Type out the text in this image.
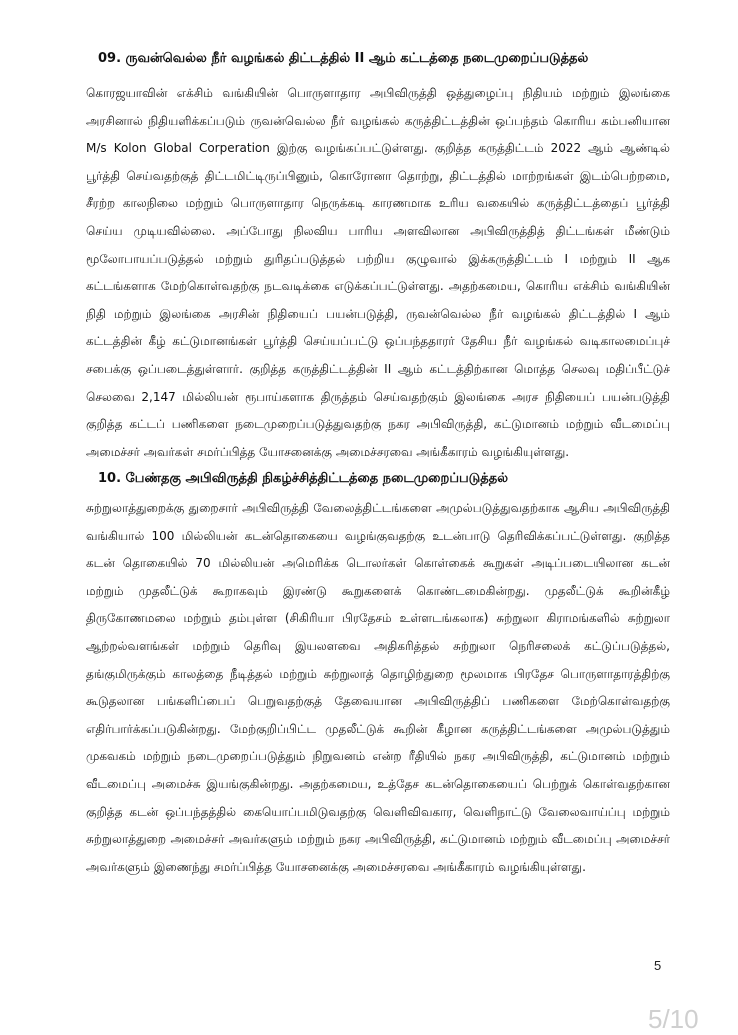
09. ருவன்வெல்ல நீர் வழங்கல் திட்டத்தில் II ஆம் கட்டத்தை நடைமுறைப்படுத்தல்
கொரஜயாவின் எக்சிம் வங்கியின் பொருளாதார அபிவிருத்தி ஒத்துழைப்பு நிதியம் மற்றும் இலங்கை அரசினால் நிதியளிக்கப்படும் ருவன்வெல்ல நீர் வழங்கல் கருத்திட்டத்தின் ஒப்பந்தம் கொரிய கம்பனியான M/s Kolon Global Corperation இற்கு வழங்கப்பட்டுள்ளது. குறித்த கருத்திட்டம் 2022 ஆம் ஆண்டில் பூர்த்தி செய்வதற்குத் திட்டமிட்டிருப்பினும், கொரோனா தொற்று, திட்டத்தில் மாற்றங்கள் இடம்பெற்றமை, சீரற்ற காலநிலை மற்றும் பொருளாதார நெருக்கடி காரணமாக உரிய வகையில் கருத்திட்டத்தைப் பூர்த்தி செய்ய முடியவில்லை. அப்போது நிலவிய பாரிய அளவிலான அபிவிருத்தித் திட்டங்கள் மீண்டும் மூலோபாயப்படுத்தல் மற்றும் துரிதப்படுத்தல் பற்றிய குழுவால் இக்கருத்திட்டம் I மற்றும் II ஆக கட்டங்களாக மேற்கொள்வதற்கு நடவடிக்கை எடுக்கப்பட்டுள்ளது. அதற்கமைய, கொரிய எக்சிம் வங்கியின் நிதி மற்றும் இலங்கை அரசின் நிதியைப் பயன்படுத்தி, ருவன்வெல்ல நீர் வழங்கல் திட்டத்தில் I ஆம் கட்டத்தின் கீழ் கட்டுமானங்கள் பூர்த்தி செய்யப்பட்டு ஒப்பந்ததாரர் தேசிய நீர் வழங்கல் வடிகாலமைப்புச் சபைக்கு ஒப்படைத்துள்ளார். குறித்த கருத்திட்டத்தின் II ஆம் கட்டத்திற்கான மொத்த செலவு மதிப்பீட்டுச் செலவை 2,147 மில்லியன் ரூபாய்களாக திருத்தம் செய்வதற்கும் இலங்கை அரச நிதியைப் பயன்படுத்தி குறித்த கட்டப் பணிகளை நடைமுறைப்படுத்துவதற்கு நகர அபிவிருத்தி, கட்டுமானம் மற்றும் வீடமைப்பு அமைச்சர் அவர்கள் சமர்ப்பித்த யோசனைக்கு அமைச்சரவை அங்கீகாரம் வழங்கியுள்ளது.
10. பேண்தகு அபிவிருத்தி நிகழ்ச்சித்திட்டத்தை நடைமுறைப்படுத்தல்
சுற்றுலாத்துறைக்கு துறைசார் அபிவிருத்தி வேலைத்திட்டங்களை அமுல்படுத்துவதற்காக ஆசிய அபிவிருத்தி வங்கியால் 100 மில்லியன் கடன்தொகையை வழங்குவதற்கு உடன்பாடு தெரிவிக்கப்பட்டுள்ளது. குறித்த கடன் தொகையில் 70 மில்லியன் அமெரிக்க டொலர்கள் கொள்கைக் கூறுகள் அடிப்படையிலான கடன் மற்றும் முதலீட்டுக் கூறாகவும் இரண்டு கூறுகளைக் கொண்டமைகின்றது. முதலீட்டுக் கூறின்கீழ் திருகோணமலை மற்றும் தம்புள்ள (சிகிரியா பிரதேசம் உள்ளடங்கலாக) சுற்றுலா கிராமங்களில் சுற்றுலா ஆற்றல்வளங்கள் மற்றும் தெரிவு இயலளவை அதிகரித்தல் சுற்றுலா நெரிசலைக் கட்டுப்படுத்தல், தங்குமிருக்கும் காலத்தை நீடித்தல் மற்றும் சுற்றுலாத் தொழிற்துறை மூலமாக பிரதேச பொருளாதாரத்திற்கு கூடுதலான பங்களிப்பைப் பெறுவதற்குத் தேவையான அபிவிருத்திப் பணிகளை மேற்கொள்வதற்கு எதிர்பார்க்கப்படுகின்றது. மேற்குறிப்பிட்ட முதலீட்டுக் கூறின் கீழான கருத்திட்டங்களை அமுல்படுத்தும் முகவகம் மற்றும் நடைமுறைப்படுத்தும் நிறுவனம் என்ற ரீதியில் நகர அபிவிருத்தி, கட்டுமானம் மற்றும் வீடமைப்பு அமைச்சு இயங்குகின்றது. அதற்கமைய, உத்தேச கடன்தொகையைப் பெற்றுக் கொள்வதற்கான குறித்த கடன் ஒப்பந்தத்தில் கையொப்பமிடுவதற்கு வெளிவிவகார, வெளிநாட்டு வேலைவாய்ப்பு மற்றும் சுற்றுலாத்துறை அமைச்சர் அவர்களும் மற்றும் நகர அபிவிருத்தி, கட்டுமானம் மற்றும் வீடமைப்பு அமைச்சர் அவர்களும் இணைந்து சமர்ப்பித்த யோசனைக்கு அமைச்சரவை அங்கீகாரம் வழங்கியுள்ளது.
5
5/10
